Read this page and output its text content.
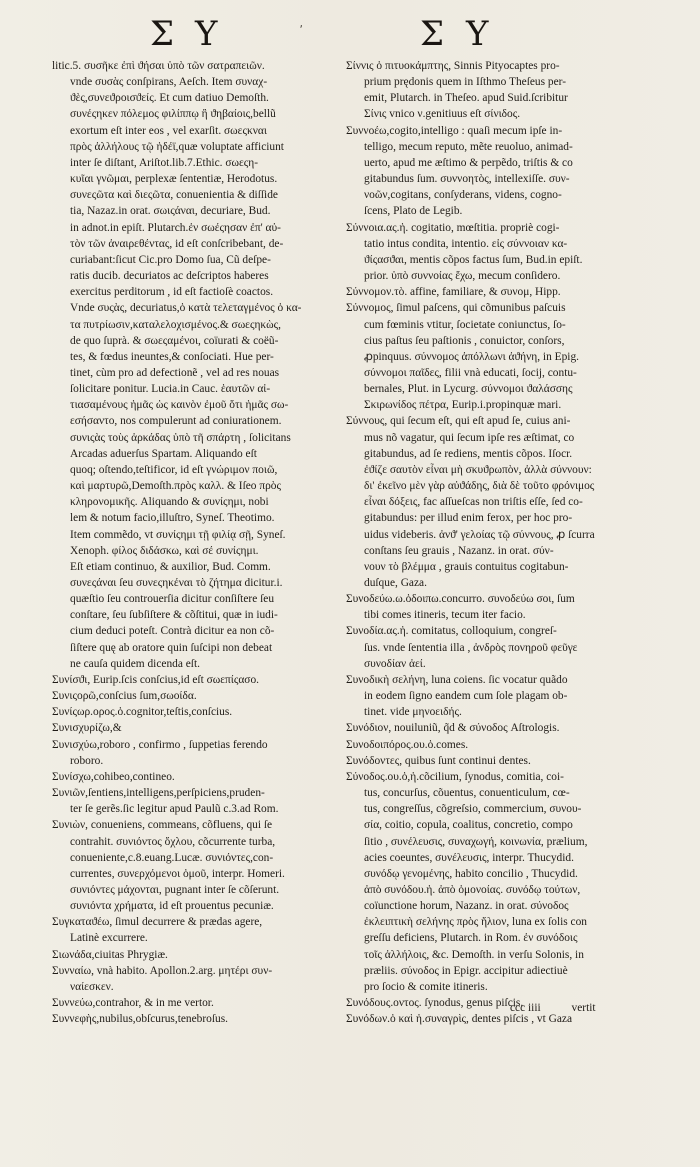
Σ Υ	ʹ	Σ Υ
litic.5. συσῆκε ἐπὶ ϑήσαι ὑπὸ τῶν σατραπειῶν.
vnde συσὰς conſpirans, Aeſch. Item συναχ-
ϑὲς,συνεϑροισϑείς. Et cum datiuo Demoſth.
συνέςηκεν πόλεμος φιλίππῳ ἢ ϑηβαίοις,bellũ
exortum eſt inter eos , vel exarſit. σωεςκναι
πρὸς ἀλλήλους τῷ ἡδέϊ,quæ voluptate afficiunt
inter ſe diſtant, Ariſtot.lib.7.Ethic. σωεςη-
κυῖαι γνῶμαι, perplexæ ſententiæ, Herodotus.
συνεςῶτα καὶ διεςῶτα, conuenientia & diſſide
tia, Nazaz.in orat. σωιςάναι, decuriare, Bud.
in adnot.in epiſt. Plutarch.ἐν σωέςησαν ἐπ' αὐ-
τὸν τῶν ἀναιρεθέντας, id eſt conſcribebant, de-
curiabant:ſicut Cic.pro Domo ſua, Cũ deſpe-
ratis ducib. decuriatos ac deſcriptos haberes
exercitus perditorum , id eſt factioſè coactos.
Vnde συςὰς, decuriatus,ὁ κατὰ τελεταγμένος ὁ κα-
τα πυτρίωσιν,καταλελοχισμένος.& σωεςηκὼς,
de quo ſuprà. & σωεςαμένοι, coïurati & coëũ-
tes, & fœdus ineuntes,& conſociati. Hue per-
tinet, cùm pro ad defectionẽ , vel ad res nouas
ſolicitare ponitur. Lucia.in Cauc. ἑαυτῶν αἰ-
τιασαμένους ἡμᾶς ὡς καινὸν ἐμοῦ ὅτι ἡμᾶς σω-
εσήσαντο, nos compulerunt ad coniurationem.
συνιςὰς τοὺς ἀρκάδας ὑπὸ τῆ σπάρτη , ſolicitans
Arcadas aduerſus Spartam. Aliquando eſt
quoq; oſtendo,teſtificor, id eſt γνώριμον ποιῶ,
καὶ μαρτυρῶ,Demoſth.πρὸς καλλ. & Iſeo πρὸς
κληρονομικῆς. Aliquando & συνίςημι, nobi
lem & notum facio,illuſtro, Syneſ. Theotimo.
Item commẽdo, vt συνίςημι τῇ φιλίᾳ σῇ, Syneſ.
Xenoph. φίλος διδάσκω, καὶ σέ συνίςημι.
Eſt etiam continuo, & auxilior, Bud. Comm.
συνεςάναι ſeu συνεςηκέναι τὸ ζήτημα dicitur.i.
quæſtio ſeu controuerſia dicitur conſiſtere ſeu
conſtare, ſeu ſubſiſtere & cõſtitui, quæ in iudi-
cium deduci poteſt. Contrà dicitur ea non cõ-
ſiſtere quę ab oratore quin ſuſcipi non debeat
ne cauſa quidem dicenda eſt.
Συνίσϑι, Eurip.ſcis conſcius,id eſt σωεπίςασο.
Συνιςορῶ,conſcius ſum,σωοίδα.
Συνίςωρ.ορος.ὁ.cognitor,teſtis,conſcius.
Συνισχυρίζω,&
Συνισχύω,roboro , confirmo , ſuppetias ferendo
roboro.
Συνίσχω,cohibeo,contineo.
Συνιῶν,ſentiens,intelligens,perſpiciens,pruden-
ter ſe gerẽs.ſic legitur apud Paulũ c.3.ad Rom.
Συνιὼν, conueniens, commeans, cõfluens, qui ſe
contrahit. συνιόντος ὄχλου, cõcurrente turba,
conueniente,c.8.euang.Lucæ. συνιόντες,con-
currentes, συνερχόμενοι ὁμοῦ, interpr. Homeri.
συνιόντες μάχονται, pugnant inter ſe cõſerunt.
συνιόντα χρήματα, id eſt prouentus pecuniæ.
Συγκαταϑέω, ſimul decurrere & prædas agere,
Latinè excurrere.
Σιωνάδα,ciuitas Phrygiæ.
Συνναίω, vnà habito. Apollon.2.arg. μητέρι συν-
ναίεσκεν.
Συννεύω,contrahor, & in me vertor.
Συννεφὴς,nubilus,obſcurus,tenebroſus.
Σίννις ὁ πιτυοκάμπτης, Sinnis Pityocaptes pro-
prium prędonis quem in Iſthmo Theſeus per-
emit, Plutarch. in Theſeo. apud Suid.ſcribitur
Σίνις vnico ν.genitiuus eſt σίνιδος.
Συννοέω,cogito,intelligo : quaſi mecum ipſe in-
telligo, mecum reputo, mẽte reuoluo, animad-
uerto, apud me æſtimo & perpẽdo, triſtis & co
gitabundus ſum. συννοητὸς, intellexiſſe. συν-
νοῶν,cogitans, conſyderans, videns, cogno-
ſcens, Plato de Legib.
Σύννοια.ας.ἡ. cogitatio, mœſtitia. propriè cogi-
tatio intus condita, intentio. εἰς σύννοιαν κα-
ϑίςασϑαι, mentis cõpos factus ſum, Bud.in epiſt.
prior. ὑπὸ συννοίας ἔχω, mecum conſidero.
Σύννομον.τὸ. affine, familiare, & συνομ, Hipp.
Σύννομος, ſimul paſcens, qui cõmunibus paſcuis
cum fœminis vtitur, ſocietate coniunctus, ſo-
cius paſtus ſeu paſtionis , conuictor, conſors,
ꝓpinquus. σύννομος ἀπόλλωνι ἀϑήνη, in Epig.
σύννομοι παῖδες, filii vnà educati, ſocij, contu-
bernales, Plut. in Lycurg. σύννομοι ϑαλάσσης
Σκιρωνίδος πέτρα, Eurip.i.propinquæ mari.
Σύννους, qui ſecum eſt, qui eſt apud ſe, cuius ani-
mus nõ vagatur, qui ſecum ipſe res æſtimat, co
gitabundus, ad ſe rediens, mentis cõpos. Iſocr.
ἐϑίζε σαυτὸν εἶναι μὴ σκυϑρωπὸν, ἀλλὰ σύννουν:
δι' ἐκεῖνο μὲν γὰρ αὐϑάδης, διὰ δὲ τοῦτο φρόνιμος
εἶναι δόξεις, fac aſſueſcas non triſtis eſſe, ſed co-
gitabundus: per illud enim ferox, per hoc pro-
uidus videberis. ἀνϑ' γελοίας τῷ σύννους, ꝓ ſcurra
conſtans ſeu grauis , Nazanz. in orat. σύν-
νουν τὸ βλέμμα , grauis contuitus cogitabun-
duſque, Gaza.
Συνοδεύω.ω.ὁδοιπω.concurro. συνοδεύω σοι, ſum
tibi comes itineris, tecum iter facio.
Συνοδία.ας.ἡ. comitatus, colloquium, congreſ-
ſus. vnde ſententia illa , ἀνδρὸς πονηροῦ φεῦγε
συνοδίαν ἀεί.
Συνοδικὴ σελήνη, luna coiens. ſic vocatur quãdo
in eodem ſigno eandem cum ſole plagam ob-
tinet. vide μηνοειδής.
Συνόδιον, nouiluniũ, q̃d & σύνοδος Aſtrologis.
Συνοδοιπόρος.ου.ὁ.comes.
Συνόδοντες, quibus ſunt continui dentes.
Σύνοδος.ου.ὁ,ἡ.cõcilium, ſynodus, comitia, coi-
tus, concurſus, cõuentus, conuenticulum, cœ-
tus, congreſſus, cõgreſsio, commercium, συνου-
σία, coitio, copula, coalitus, concretio, compo
ſitio , συνέλευσις, συναχωγή, κοινωνία, prælium,
acies coeuntes, συνέλευσις, interpr. Thucydid.
συνόδῳ γενομένης, habito concilio , Thucydid.
ἀπὸ συνόδου.ἡ. ἀπὸ ὁμονοίας. συνόδῳ τούτων,
coïunctione horum, Nazanz. in orat. σύνοδος
ἐκλειπτικὴ σελήνης πρὸς ἥλιον, luna ex ſolis con
greſſu deficiens, Plutarch. in Rom. ἐν συνόδοις
τοῖς ἀλλήλοις, &c. Demoſth. in verſu Solonis, in
præliis. σύνοδος in Epigr. accipitur adiectiuè
pro ſocio & comite itineris.
Συνόδους.οντος. ſynodus, genus piſcis.
Συνόδων.ὁ καὶ ἡ.συναγρὶς, dentes piſcis , vt Gaza
ccc iiii	vertit
